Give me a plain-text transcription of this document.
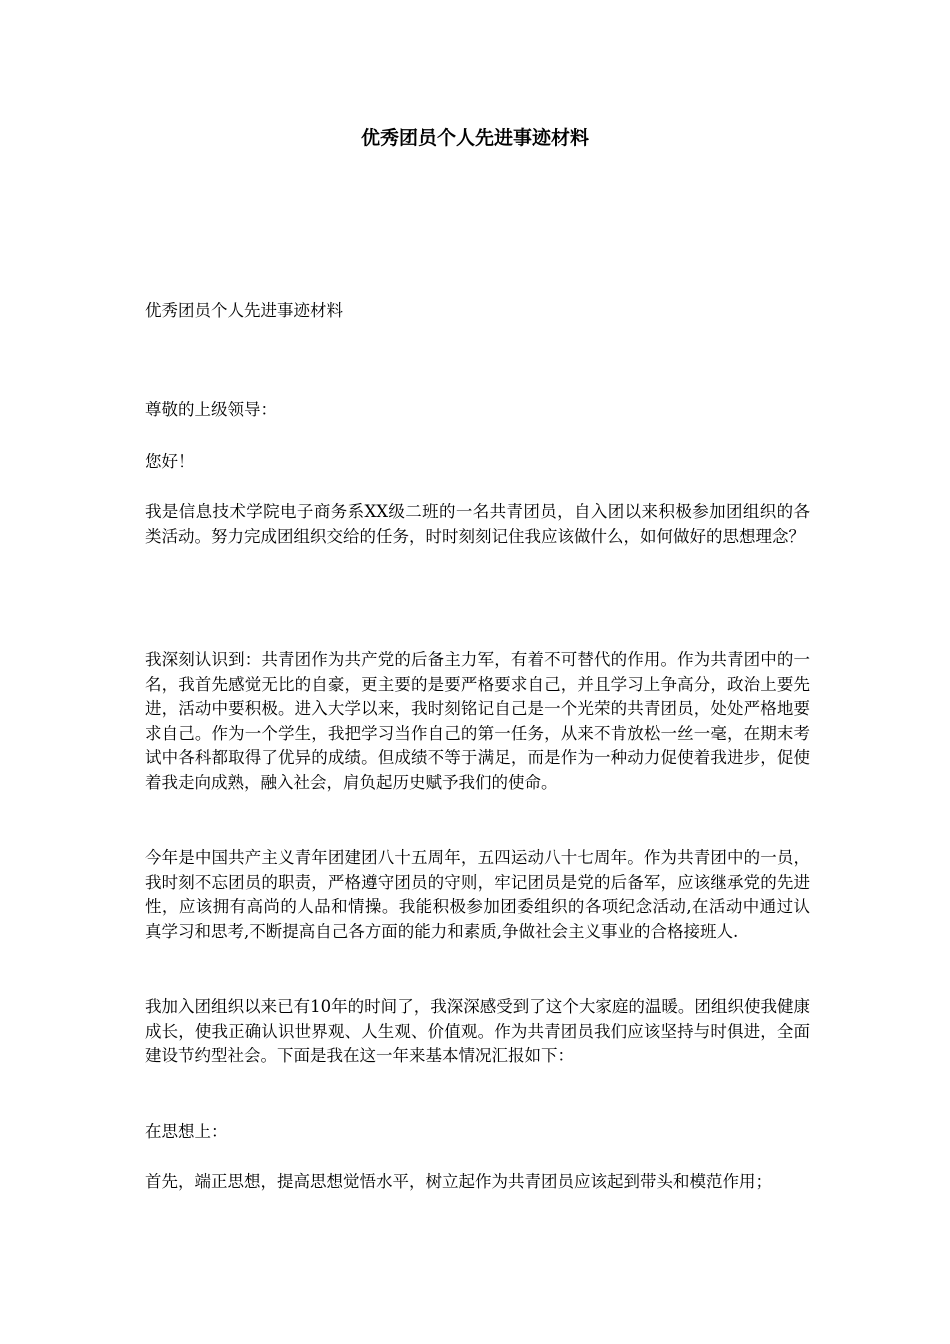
优秀团员个人先进事迹材料

优秀团员个人先进事迹材料

尊敬的上级领导：

您好！

我是信息技术学院电子商务系XX级二班的一名共青团员，自入团以来积极参加团组织的各类活动。努力完成团组织交给的任务，时时刻刻记住我应该做什么，如何做好的思想理念？

我深刻认识到：共青团作为共产党的后备主力军，有着不可替代的作用。作为共青团中的一名，我首先感觉无比的自豪，更主要的是要严格要求自己，并且学习上争高分，政治上要先进，活动中要积极。进入大学以来，我时刻铭记自己是一个光荣的共青团员，处处严格地要求自己。作为一个学生，我把学习当作自己的第一任务，从来不肯放松一丝一毫，在期末考试中各科都取得了优异的成绩。但成绩不等于满足，而是作为一种动力促使着我进步，促使着我走向成熟，融入社会，肩负起历史赋予我们的使命。

今年是中国共产主义青年团建团八十五周年，五四运动八十七周年。作为共青团中的一员，我时刻不忘团员的职责，严格遵守团员的守则，牢记团员是党的后备军，应该继承党的先进性，应该拥有高尚的人品和情操。我能积极参加团委组织的各项纪念活动,在活动中通过认真学习和思考,不断提高自己各方面的能力和素质,争做社会主义事业的合格接班人.

我加入团组织以来已有10年的时间了，我深深感受到了这个大家庭的温暖。团组织使我健康成长，使我正确认识世界观、人生观、价值观。作为共青团员我们应该坚持与时俱进，全面建设节约型社会。下面是我在这一年来基本情况汇报如下：

在思想上：

首先，端正思想，提高思想觉悟水平，树立起作为共青团员应该起到带头和模范作用；
